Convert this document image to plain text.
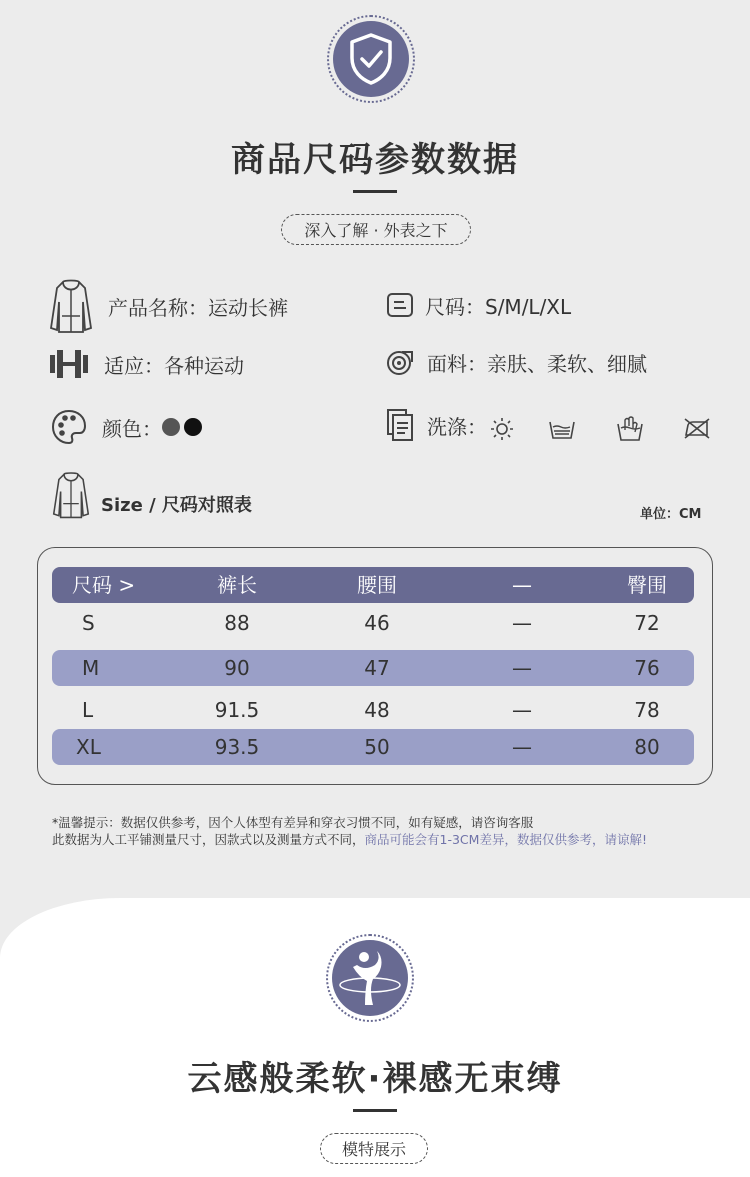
商品尺码参数数据
深入了解 · 外表之下
产品名称：运动长裤	尺码：S/M/L/XL
适应：各种运动	面料：亲肤、柔软、细腻
颜色：	洗涤：
Size / 尺码对照表	单位：CM
尺码 >	裤长	腰围	—	臀围
S	88	46	—	72
M	90	47	—	76
L	91.5	48	—	78
XL	93.5	50	—	80
*温馨提示：数据仅供参考，因个人体型有差异和穿衣习惯不同，如有疑感，请咨询客服
此数据为人工平铺测量尺寸，因款式以及测量方式不同，商品可能会有1-3CM差异，数据仅供参考，请谅解!
3D
云感般柔软·裸感无束缚
模特展示
